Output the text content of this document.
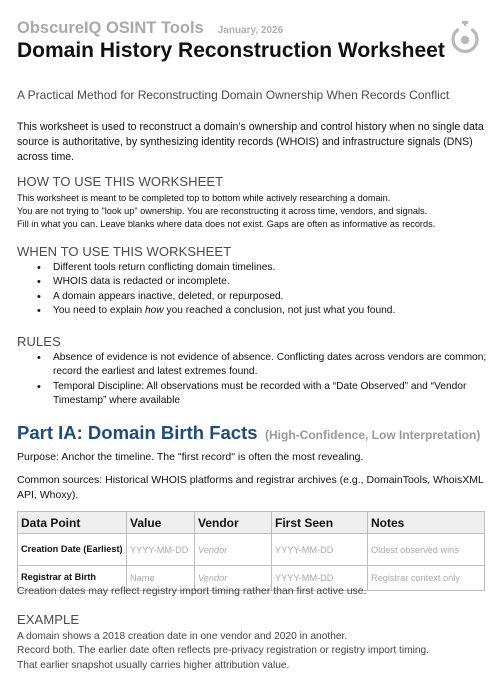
ObscureIQ OSINT Tools January, 2026
Domain History Reconstruction Worksheet
A Practical Method for Reconstructing Domain Ownership When Records Conflict
This worksheet is used to reconstruct a domain’s ownership and control history when no single data source is authoritative, by synthesizing identity records (WHOIS) and infrastructure signals (DNS) across time.
HOW TO USE THIS WORKSHEET
This worksheet is meant to be completed top to bottom while actively researching a domain.
You are not trying to "look up" ownership. You are reconstructing it across time, vendors, and signals.
Fill in what you can. Leave blanks where data does not exist. Gaps are often as informative as records.
WHEN TO USE THIS WORKSHEET
• Different tools return conflicting domain timelines.
• WHOIS data is redacted or incomplete.
• A domain appears inactive, deleted, or repurposed.
• You need to explain how you reached a conclusion, not just what you found.
RULES
• Absence of evidence is not evidence of absence. Conflicting dates across vendors are common; record the earliest and latest extremes found.
• Temporal Discipline: All observations must be recorded with a “Date Observed” and “Vendor Timestamp” where available
Part IA: Domain Birth Facts (High-Confidence, Low Interpretation)
Purpose: Anchor the timeline. The "first record" is often the most revealing.
Common sources: Historical WHOIS platforms and registrar archives (e.g., DomainTools, WhoisXML API, Whoxy).
Data Point	Value	Vendor	First Seen	Notes
Creation Date (Earliest)	YYYY-MM-DD	Vendor	YYYY-MM-DD	Oldest observed wins
Registrar at Birth	Name	Vendor	YYYY-MM-DD	Registrar context only
Creation dates may reflect registry import timing rather than first active use.
EXAMPLE
A domain shows a 2018 creation date in one vendor and 2020 in another.
Record both. The earlier date often reflects pre-privacy registration or registry import timing.
That earlier snapshot usually carries higher attribution value.
